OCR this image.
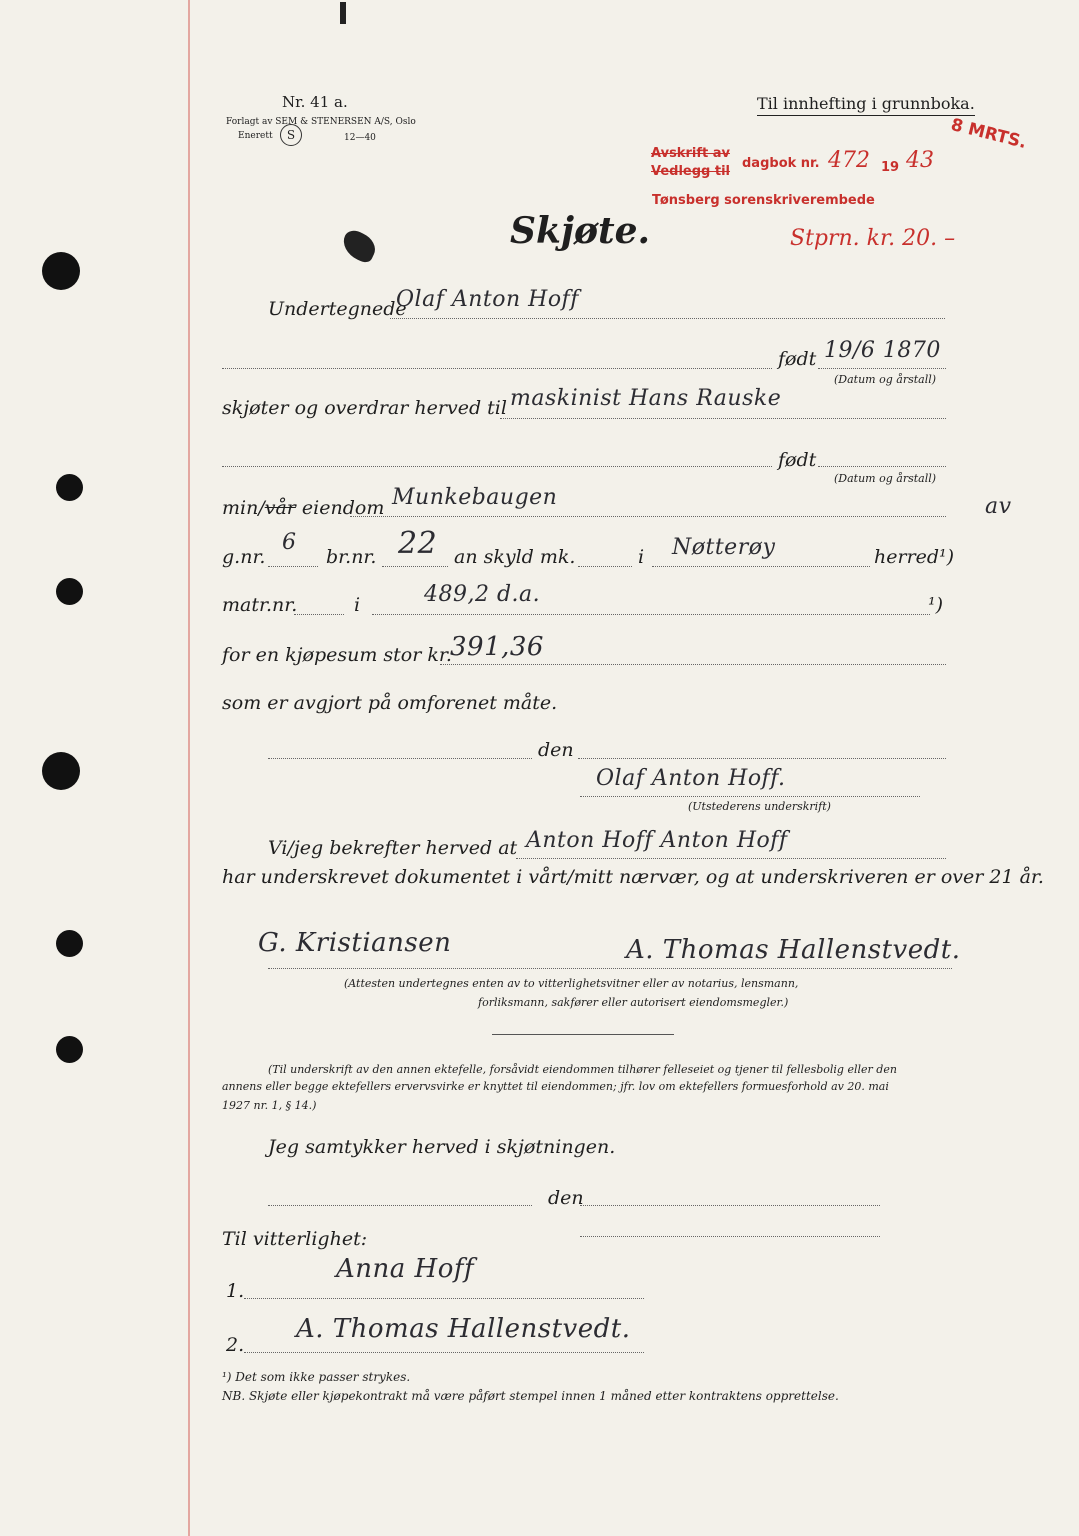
Nr. 41 a.
Forlagt av SEM & STENERSEN A/S, Oslo
Enerett	S	12—40
Til innhefting i grunnboka.
Avskrift av
Vedlegg til
dagbok nr. 472 19 43
Tønsberg sorenskriverembede
8 MRTS.
Stprn. kr. 20. –
Skjøte.
Undertegnede
Olaf Anton Hoff
født 19/6 1870
(Datum og årstall)
skjøter og overdrar herved til maskinist Hans Rauske
født
(Datum og årstall)
min/vår eiendom Munkebaugen	av
g.nr.
6
br.nr. 22 an skyld mk.	i Nøtterøy	herred¹)
matr.nr.	i	489,2 d.a.	¹)
for en kjøpesum stor kr.
391,36
som er avgjort på omforenet måte.
den
Olaf Anton Hoff.
(Utstederens underskrift)
Vi/jeg bekrefter herved at Anton Hoff Anton Hoff
har underskrevet dokumentet i vårt/mitt nærvær, og at underskriveren er over 21 år.
G. Kristiansen	A. Thomas Hallenstvedt.
(Attesten undertegnes enten av to vitterlighetsvitner eller av notarius, lensmann,
forliksmann, sakfører eller autorisert eiendomsmegler.)
(Til underskrift av den annen ektefelle, forsåvidt eiendommen tilhører felleseiet og tjener til fellesbolig eller den
annens eller begge ektefellers ervervsvirke er knyttet til eiendommen; jfr. lov om ektefellers formuesforhold av 20. mai
1927 nr. 1, § 14.)
Jeg samtykker herved i skjøtningen.
den
Til vitterlighet:
1.
Anna Hoff
2.
A. Thomas Hallenstvedt.
¹) Det som ikke passer strykes.
NB. Skjøte eller kjøpekontrakt må være påført stempel innen 1 måned etter kontraktens opprettelse.
